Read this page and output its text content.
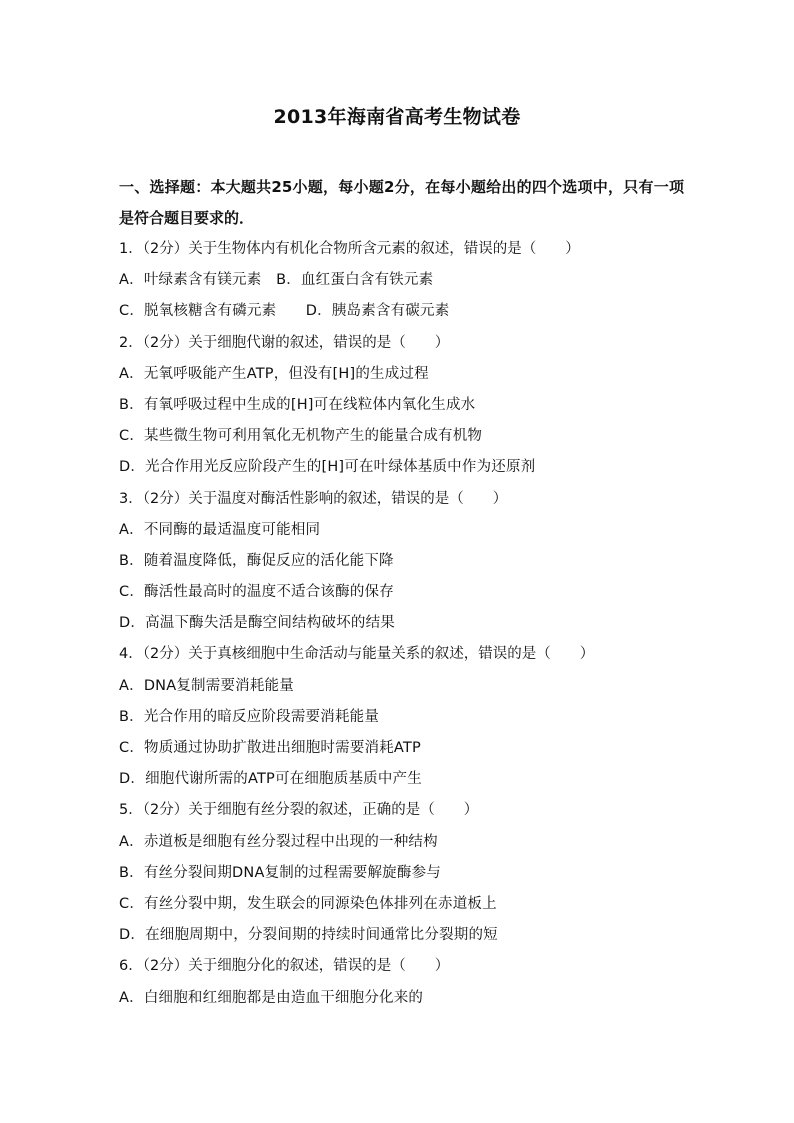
2013年海南省高考生物试卷
一、选择题：本大题共25小题，每小题2分，在每小题给出的四个选项中，只有一项是符合题目要求的．
1．（2分）关于生物体内有机化合物所含元素的叙述，错误的是（　　）
A．叶绿素含有镁元素　B．血红蛋白含有铁元素
C．脱氧核糖含有磷元素　　D．胰岛素含有碳元素
2．（2分）关于细胞代谢的叙述，错误的是（　　）
A．无氧呼吸能产生ATP，但没有[H]的生成过程
B．有氧呼吸过程中生成的[H]可在线粒体内氧化生成水
C．某些微生物可利用氧化无机物产生的能量合成有机物
D．光合作用光反应阶段产生的[H]可在叶绿体基质中作为还原剂
3．（2分）关于温度对酶活性影响的叙述，错误的是（　　）
A．不同酶的最适温度可能相同
B．随着温度降低，酶促反应的活化能下降
C．酶活性最高时的温度不适合该酶的保存
D．高温下酶失活是酶空间结构破坏的结果
4．（2分）关于真核细胞中生命活动与能量关系的叙述，错误的是（　　）
A．DNA复制需要消耗能量
B．光合作用的暗反应阶段需要消耗能量
C．物质通过协助扩散进出细胞时需要消耗ATP
D．细胞代谢所需的ATP可在细胞质基质中产生
5．（2分）关于细胞有丝分裂的叙述，正确的是（　　）
A．赤道板是细胞有丝分裂过程中出现的一种结构
B．有丝分裂间期DNA复制的过程需要解旋酶参与
C．有丝分裂中期，发生联会的同源染色体排列在赤道板上
D．在细胞周期中，分裂间期的持续时间通常比分裂期的短
6．（2分）关于细胞分化的叙述，错误的是（　　）
A．白细胞和红细胞都是由造血干细胞分化来的
